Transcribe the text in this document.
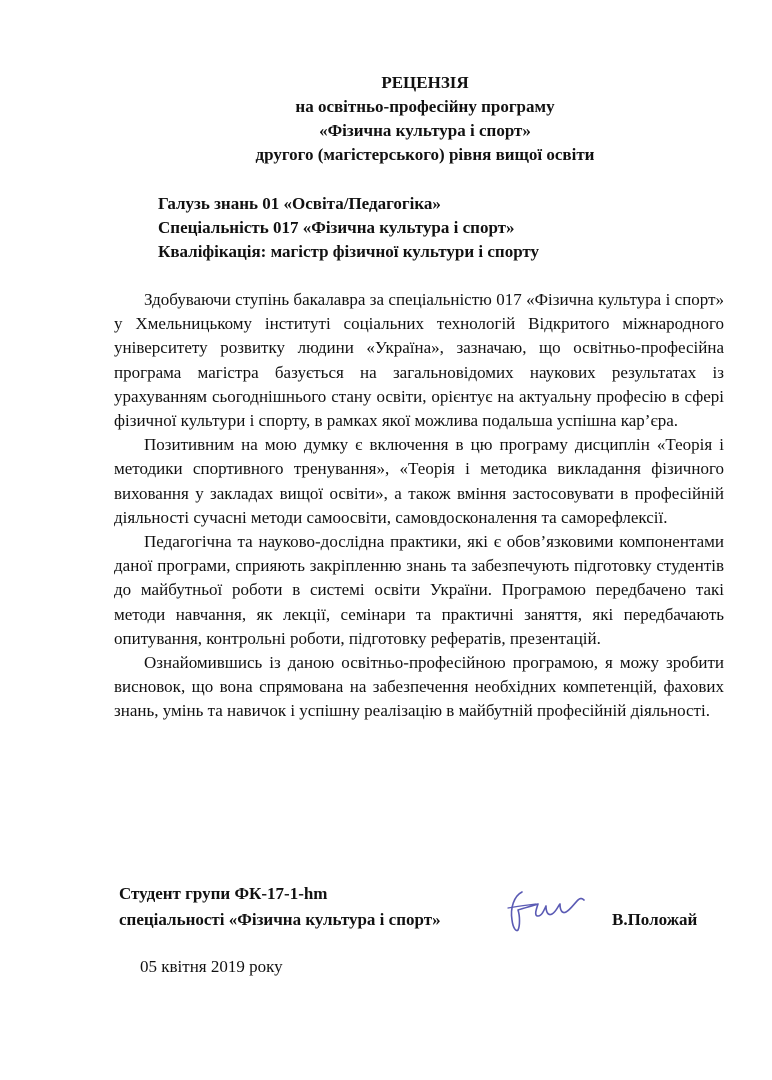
РЕЦЕНЗІЯ
на освітньо-професійну програму
«Фізична культура і спорт»
другого (магістерського) рівня вищої освіти
Галузь знань 01 «Освіта/Педагогіка»
Спеціальність 017 «Фізична культура і спорт»
Кваліфікація: магістр фізичної культури і спорту

Здобуваючи ступінь бакалавра за спеціальністю 017 «Фізична культура і спорт» у Хмельницькому інституті соціальних технологій Відкритого міжнародного університету розвитку людини «Україна», зазначаю, що освітньо-професійна програма магістра базується на загальновідомих наукових результатах із урахуванням сьогоднішнього стану освіти, орієнтує на актуальну професію в сфері фізичної культури і спорту, в рамках якої можлива подальша успішна кар’єра.

Позитивним на мою думку є включення в цю програму дисциплін «Теорія і методики спортивного тренування», «Теорія і методика викладання фізичного виховання у закладах вищої освіти», а також вміння застосовувати в професійній діяльності сучасні методи самоосвіти, самовдосконалення та саморефлексії.

Педагогічна та науково-дослідна практики, які є обов’язковими компонентами даної програми, сприяють закріпленню знань та забезпечують підготовку студентів до майбутньої роботи в системі освіти України. Програмою передбачено такі методи навчання, як лекції, семінари та практичні заняття, які передбачають опитування, контрольні роботи, підготовку рефератів, презентацій.

Ознайомившись із даною освітньо-професійною програмою, я можу зробити висновок, що вона спрямована на забезпечення необхідних компетенцій, фахових знань, умінь та навичок і успішну реалізацію в майбутній професійній діяльності.

Студент групи ФК-17-1-hm
спеціальності «Фізична культура і спорт»	В.Положай
05 квітня 2019 року
